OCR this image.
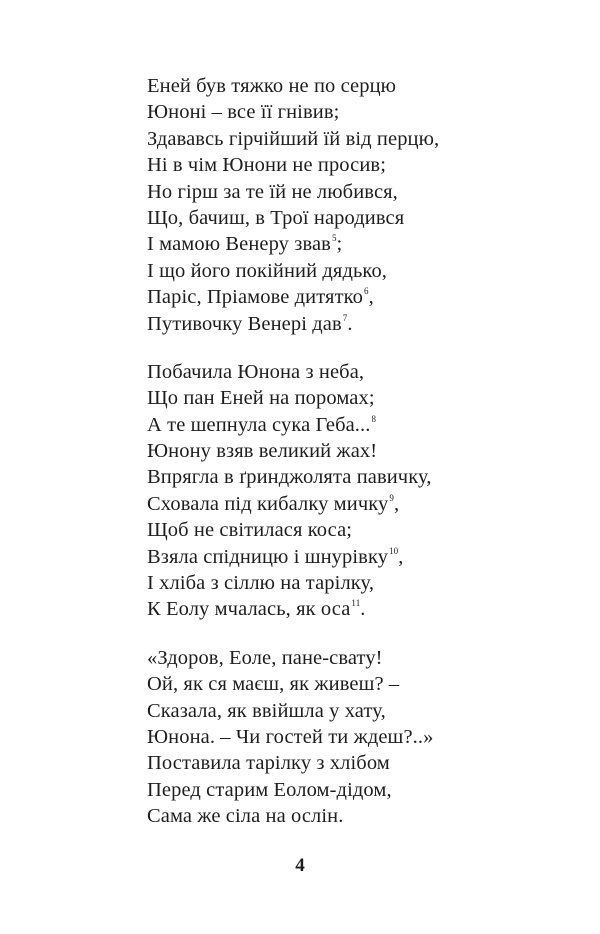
Еней був тяжко не по серцю
Юноні – все її гнівив;
Здававсь гірчійший їй від перцю,
Ні в чім Юнони не просив;
Но гірш за те їй не любився,
Що, бачиш, в Трої народився
І мамою Венеру звав$^5$;
І що його покійний дядько,
Паріс, Пріамове дитятко$^6$,
Путивочку Венері дав$^7$.
Побачила Юнона з неба,
Що пан Еней на поромах;
А те шепнула сука Геба...$^8$
Юнону взяв великий жах!
Впрягла в ґринджолята павичку,
Сховала під кибалку мичку$^9$,
Щоб не світилася коса;
Взяла спідницю і шнурівку$^{10}$,
І хліба з сіллю на тарілку,
К Еолу мчалась, як оса$^{11}$.
«Здоров, Еоле, пане-свату!
Ой, як ся маєш, як живеш? –
Сказала, як ввійшла у хату,
Юнона. – Чи гостей ти ждеш?..»
Поставила тарілку з хлібом
Перед старим Еолом-дідом,
Сама же сіла на ослін.
4
